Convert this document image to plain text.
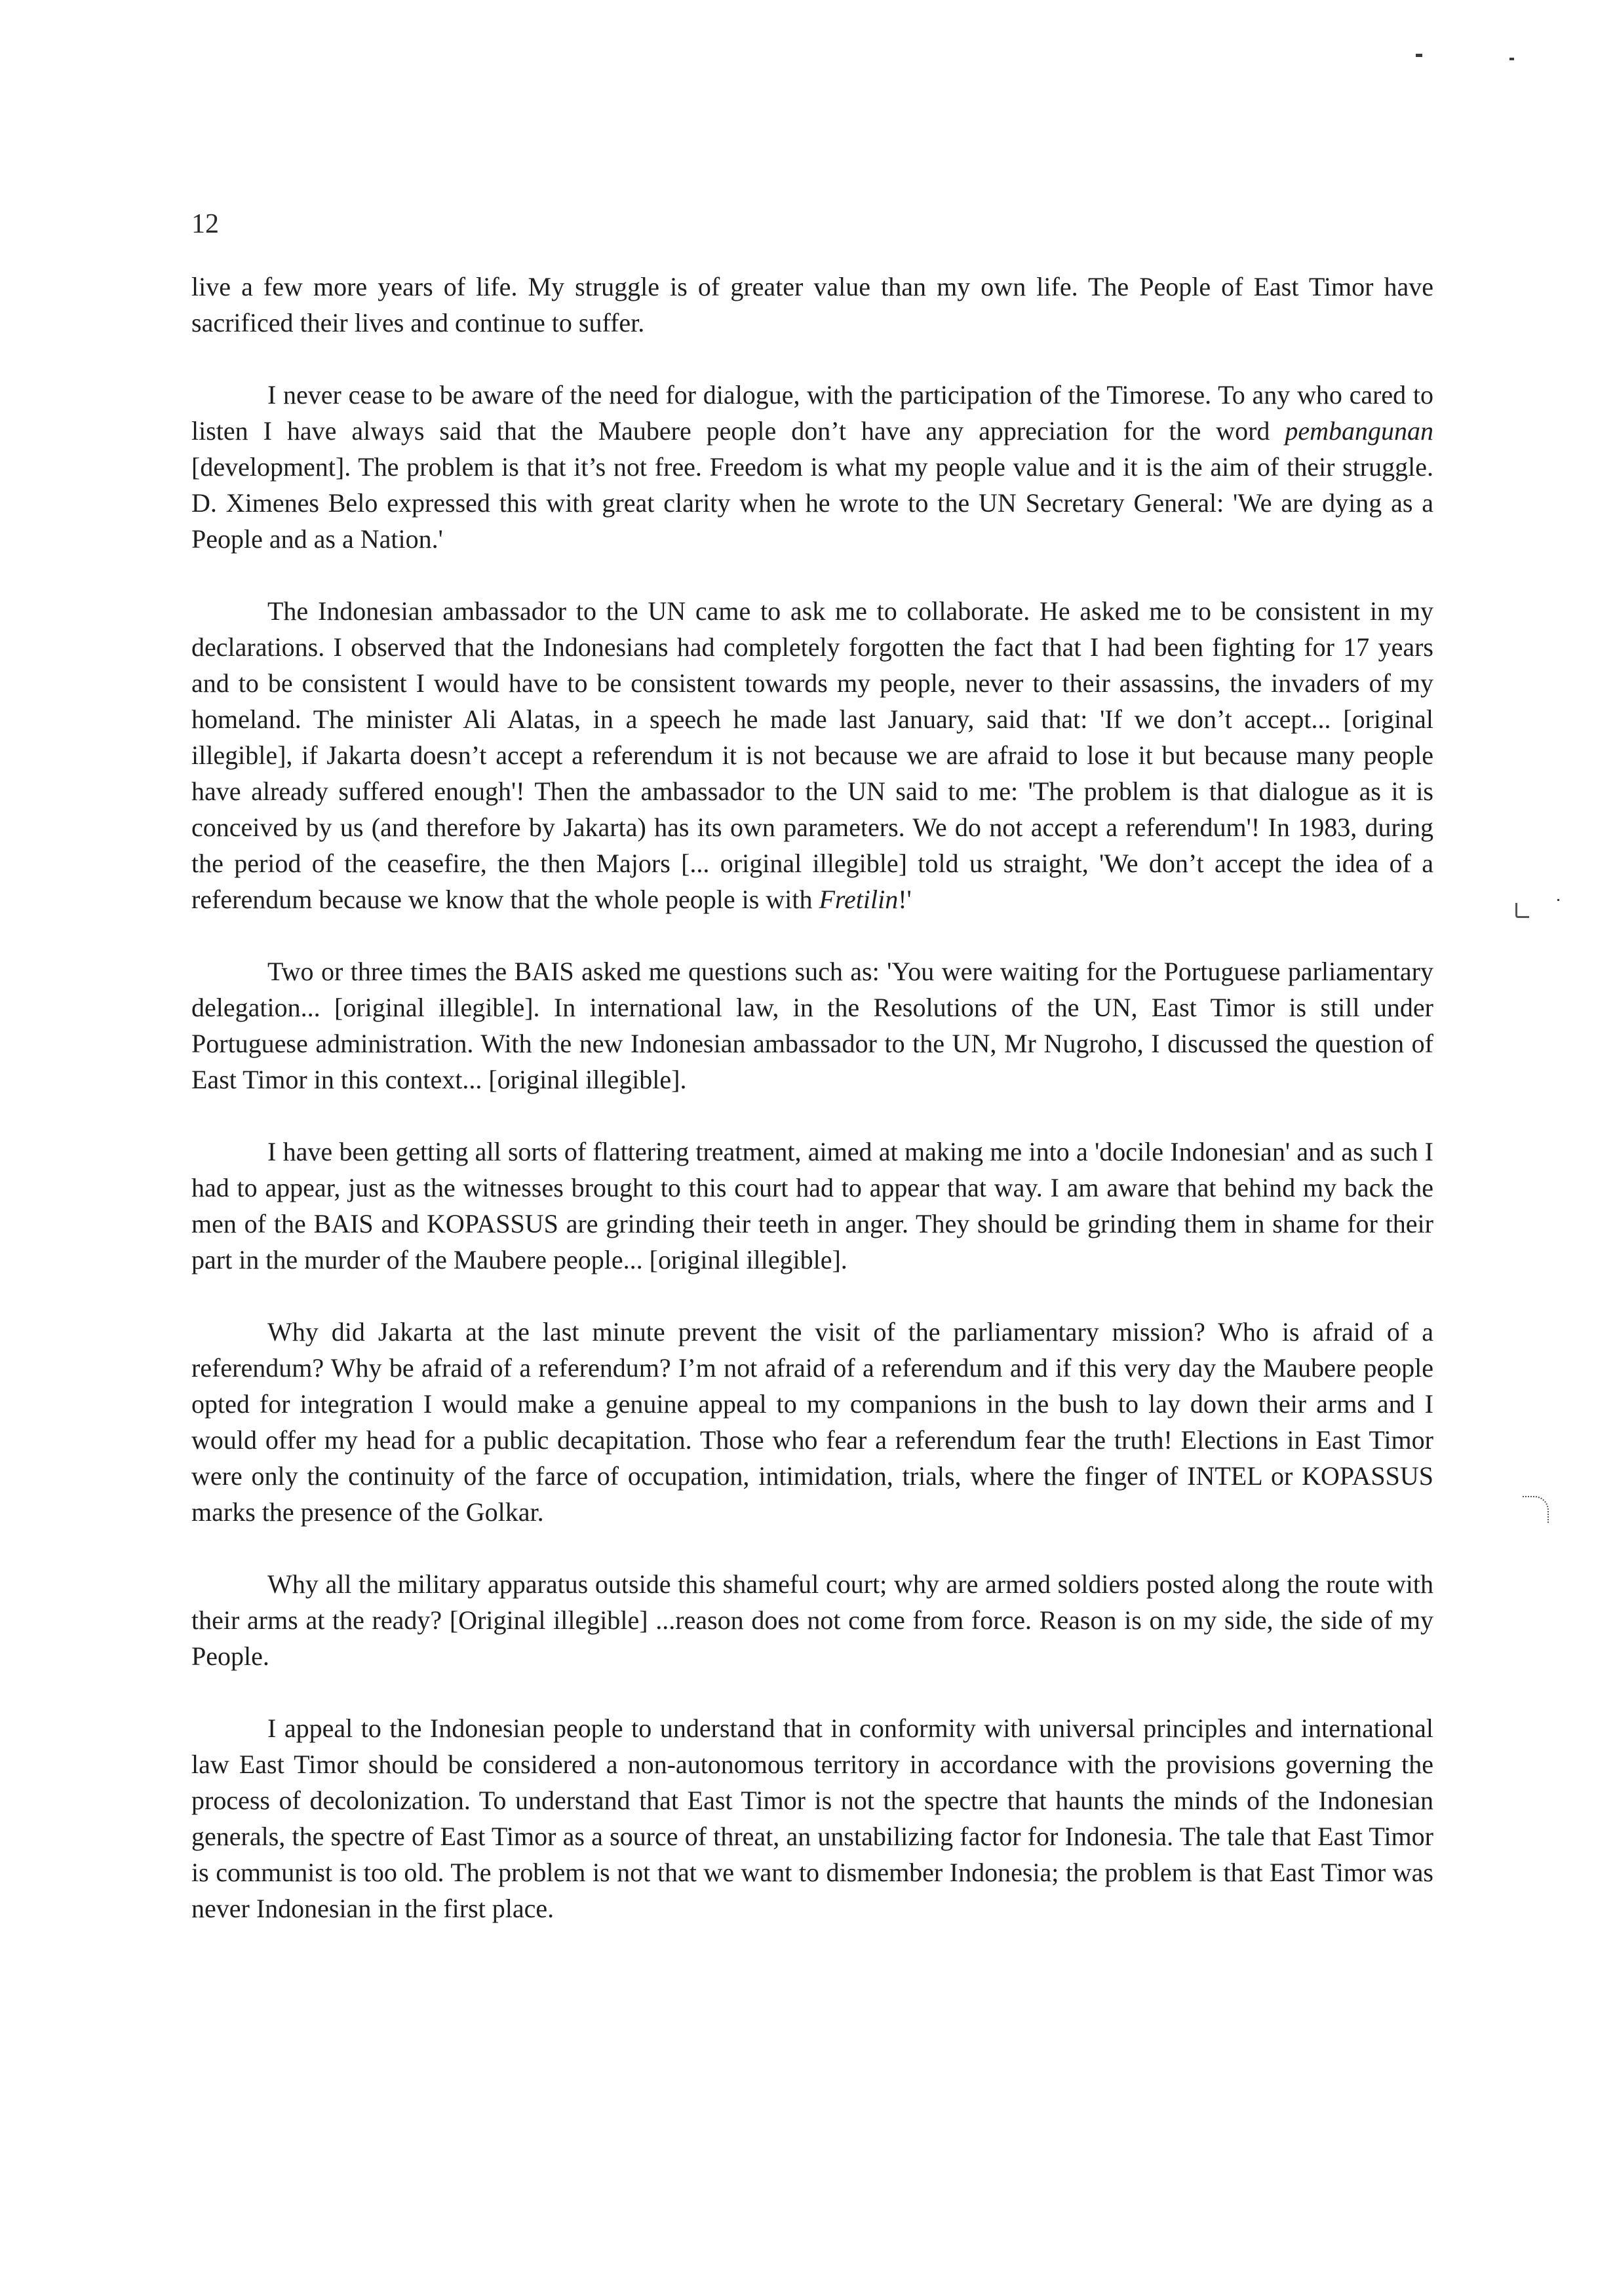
12

live a few more years of life. My struggle is of greater value than my own life. The People of East Timor have sacrificed their lives and continue to suffer.

I never cease to be aware of the need for dialogue, with the participation of the Timorese. To any who cared to listen I have always said that the Maubere people don’t have any appreciation for the word pembangunan [development]. The problem is that it’s not free. Freedom is what my people value and it is the aim of their struggle. D. Ximenes Belo expressed this with great clarity when he wrote to the UN Secretary General: 'We are dying as a People and as a Nation.'

The Indonesian ambassador to the UN came to ask me to collaborate. He asked me to be consistent in my declarations. I observed that the Indonesians had completely forgotten the fact that I had been fighting for 17 years and to be consistent I would have to be consistent towards my people, never to their assassins, the invaders of my homeland. The minister Ali Alatas, in a speech he made last January, said that: 'If we don’t accept... [original illegible], if Jakarta doesn’t accept a referendum it is not because we are afraid to lose it but because many people have already suffered enough'! Then the ambassador to the UN said to me: 'The problem is that dialogue as it is conceived by us (and therefore by Jakarta) has its own parameters. We do not accept a referendum'! In 1983, during the period of the ceasefire, the then Majors [... original illegible] told us straight, 'We don’t accept the idea of a referendum because we know that the whole people is with Fretilin!'

Two or three times the BAIS asked me questions such as: 'You were waiting for the Portuguese parliamentary delegation... [original illegible]. In international law, in the Resolutions of the UN, East Timor is still under Portuguese administration. With the new Indonesian ambassador to the UN, Mr Nugroho, I discussed the question of East Timor in this context... [original illegible].

I have been getting all sorts of flattering treatment, aimed at making me into a 'docile Indonesian' and as such I had to appear, just as the witnesses brought to this court had to appear that way. I am aware that behind my back the men of the BAIS and KOPASSUS are grinding their teeth in anger. They should be grinding them in shame for their part in the murder of the Maubere people... [original illegible].

Why did Jakarta at the last minute prevent the visit of the parliamentary mission? Who is afraid of a referendum? Why be afraid of a referendum? I’m not afraid of a referendum and if this very day the Maubere people opted for integration I would make a genuine appeal to my companions in the bush to lay down their arms and I would offer my head for a public decapitation. Those who fear a referendum fear the truth! Elections in East Timor were only the continuity of the farce of occupation, intimidation, trials, where the finger of INTEL or KOPASSUS marks the presence of the Golkar.

Why all the military apparatus outside this shameful court; why are armed soldiers posted along the route with their arms at the ready? [Original illegible] ...reason does not come from force. Reason is on my side, the side of my People.

I appeal to the Indonesian people to understand that in conformity with universal principles and international law East Timor should be considered a non-autonomous territory in accordance with the provisions governing the process of decolonization. To understand that East Timor is not the spectre that haunts the minds of the Indonesian generals, the spectre of East Timor as a source of threat, an unstabilizing factor for Indonesia. The tale that East Timor is communist is too old. The problem is not that we want to dismember Indonesia; the problem is that East Timor was never Indonesian in the first place.
